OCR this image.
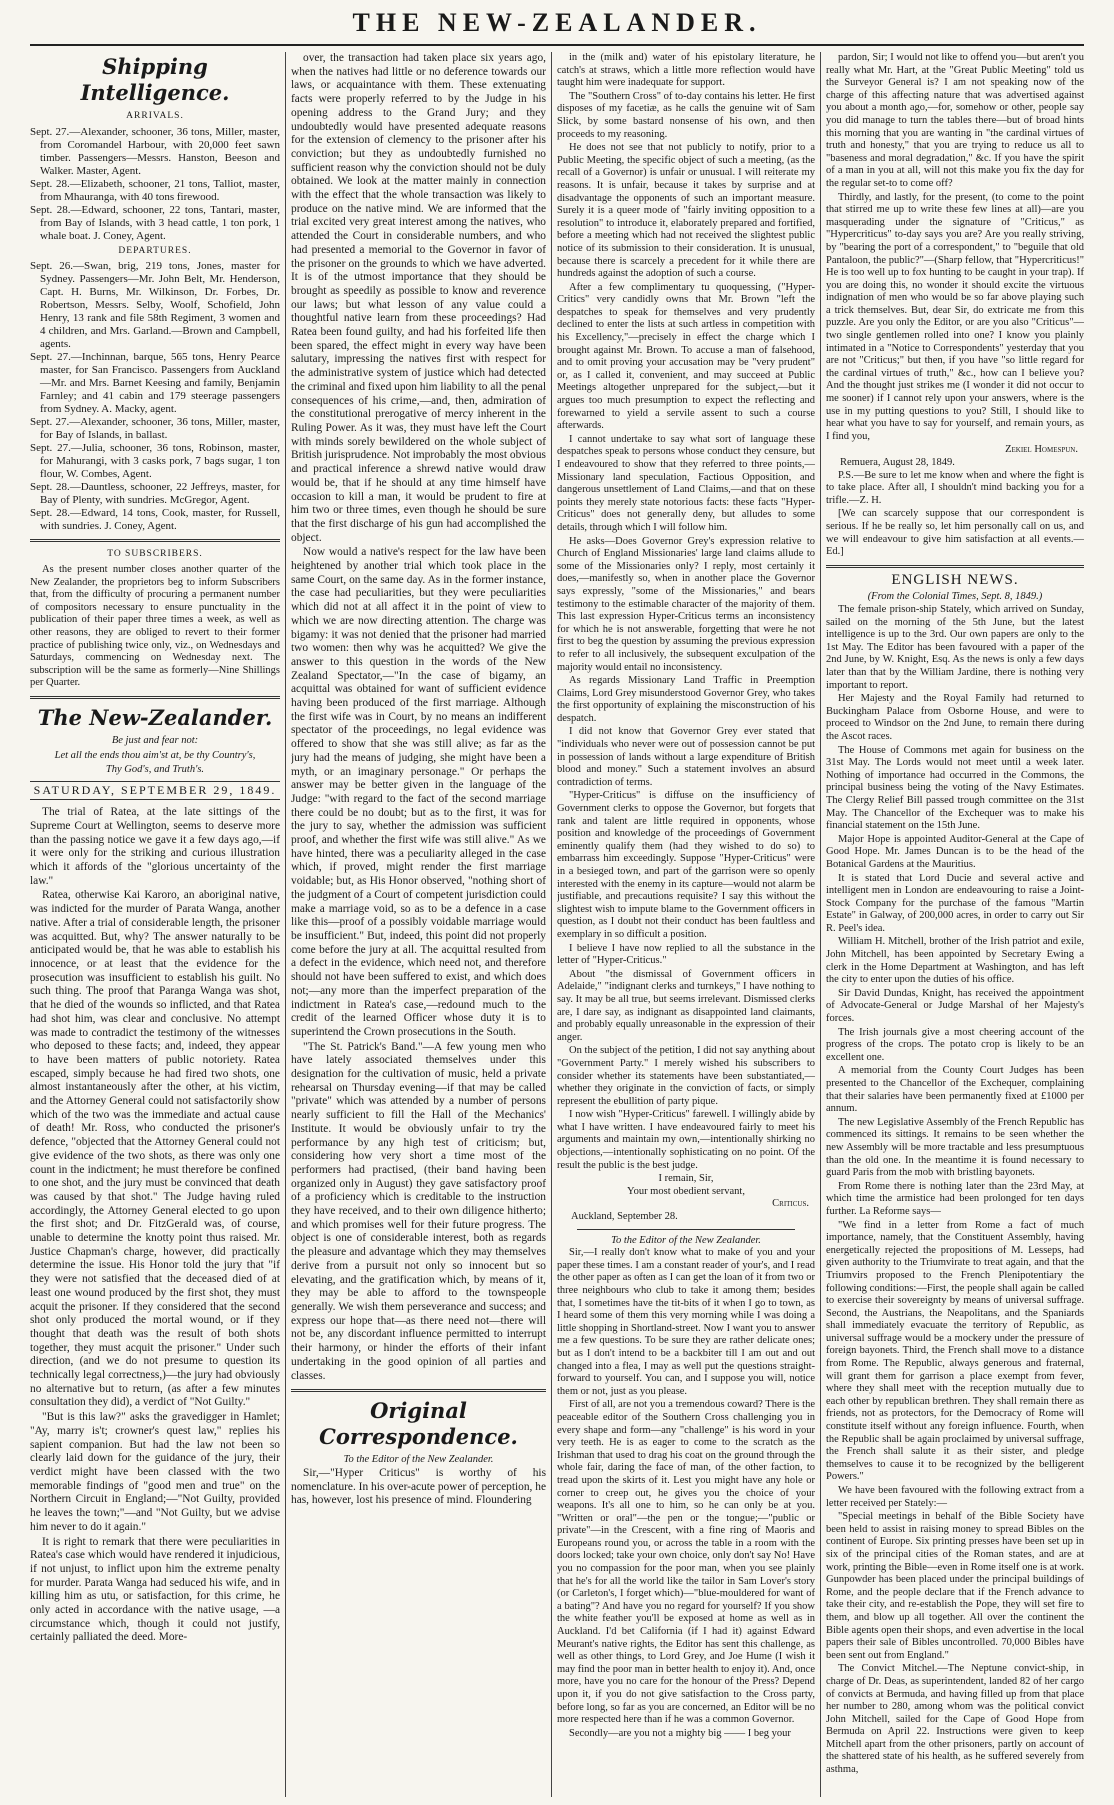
THE NEW-ZEALANDER.
Shipping Intelligence.
ARRIVALS.

Sept. 27.—Alexander, schooner, 36 tons, Miller, master, from Coromandel Harbour, with 20,000 feet sawn timber. Passengers—Messrs. Hanston, Beeson and Walker. Master, Agent.

Sept. 28.—Elizabeth, schooner, 21 tons, Talliot, master, from Mhauranga, with 40 tons firewood.

Sept. 28.—Edward, schooner, 22 tons, Tantari, master, from Bay of Islands, with 3 head cattle, 1 ton pork, 1 whale boat. J. Coney, Agent.

DEPARTURES.

Sept. 26.—Swan, brig, 219 tons, Jones, master for Sydney. Passengers—Mr. John Belt, Mr. Henderson, Capt. H. Burns, Mr. Wilkinson, Dr. Forbes, Dr. Robertson, Messrs. Selby, Woolf, Schofield, John Henry, 13 rank and file 58th Regiment, 3 women and 4 children, and Mrs. Garland.—Brown and Campbell, agents.

Sept. 27.—Inchinnan, barque, 565 tons, Henry Pearce master, for San Francisco. Passengers from Auckland—Mr. and Mrs. Barnet Keesing and family, Benjamin Farnley; and 41 cabin and 179 steerage passengers from Sydney. A. Macky, agent.

Sept. 27.—Alexander, schooner, 36 tons, Miller, master, for Bay of Islands, in ballast.

Sept. 27.—Julia, schooner, 36 tons, Robinson, master, for Mahurangi, with 3 casks pork, 7 bags sugar, 1 ton flour, W. Combes, Agent.

Sept. 28.—Dauntless, schooner, 22 Jeffreys, master, for Bay of Plenty, with sundries. McGregor, Agent.

Sept. 28.—Edward, 14 tons, Cook, master, for Russell, with sundries. J. Coney, Agent.

TO SUBSCRIBERS.

As the present number closes another quarter of the New Zealander, the proprietors beg to inform Subscribers that, from the difficulty of procuring a permanent number of compositors necessary to ensure punctuality in the publication of their paper three times a week, as well as other reasons, they are obliged to revert to their former practice of publishing twice only, viz., on Wednesdays and Saturdays, commencing on Wednesday next. The subscription will be the same as formerly—Nine Shillings per Quarter.

The New-Zealander.
Be just and fear not:
Let all the ends thou aim'st at, be thy Country's,
Thy God's, and Truth's.
SATURDAY, SEPTEMBER 29, 1849.

The trial of Ratea, at the late sittings of the Supreme Court at Wellington, seems to deserve more than the passing notice we gave it a few days ago,—if it were only for the striking and curious illustration which it affords of the "glorious uncertainty of the law."

Ratea, otherwise Kai Karoro, an aboriginal native, was indicted for the murder of Parata Wanga, another native. After a trial of considerable length, the prisoner was acquitted. But, why? The answer naturally to be anticipated would be, that he was able to establish his innocence, or at least that the evidence for the prosecution was insufficient to establish his guilt. No such thing. The proof that Paranga Wanga was shot, that he died of the wounds so inflicted, and that Ratea had shot him, was clear and conclusive. No attempt was made to contradict the testimony of the witnesses who deposed to these facts; and, indeed, they appear to have been matters of public notoriety. Ratea escaped, simply because he had fired two shots, one almost instantaneously after the other, at his victim, and the Attorney General could not satisfactorily show which of the two was the immediate and actual cause of death! Mr. Ross, who conducted the prisoner's defence, "objected that the Attorney General could not give evidence of the two shots, as there was only one count in the indictment; he must therefore be confined to one shot, and the jury must be convinced that death was caused by that shot." The Judge having ruled accordingly, the Attorney General elected to go upon the first shot; and Dr. FitzGerald was, of course, unable to determine the knotty point thus raised. Mr. Justice Chapman's charge, however, did practically determine the issue. His Honor told the jury that "if they were not satisfied that the deceased died of at least one wound produced by the first shot, they must acquit the prisoner. If they considered that the second shot only produced the mortal wound, or if they thought that death was the result of both shots together, they must acquit the prisoner." Under such direction, (and we do not presume to question its technically legal correctness,)—the jury had obviously no alternative but to return, (as after a few minutes consultation they did), a verdict of "Not Guilty."

"But is this law?" asks the gravedigger in Hamlet; "Ay, marry is't; crowner's quest law," replies his sapient companion. But had the law not been so clearly laid down for the guidance of the jury, their verdict might have been classed with the two memorable findings of "good men and true" on the Northern Circuit in England;—"Not Guilty, provided he leaves the town;"—and "Not Guilty, but we advise him never to do it again."

It is right to remark that there were peculiarities in Ratea's case which would have rendered it injudicious, if not unjust, to inflict upon him the extreme penalty for murder. Parata Wanga had seduced his wife, and in killing him as utu, or satisfaction, for this crime, he only acted in accordance with the native usage, —a circumstance which, though it could not justify, certainly palliated the deed. More-

over, the transaction had taken place six years ago, when the natives had little or no deference towards our laws, or acquaintance with them. These extenuating facts were properly referred to by the Judge in his opening address to the Grand Jury; and they undoubtedly would have presented adequate reasons for the extension of clemency to the prisoner after his conviction; but they as undoubtedly furnished no sufficient reason why the conviction should not be duly obtained. We look at the matter mainly in connection with the effect that the whole transaction was likely to produce on the native mind. We are informed that the trial excited very great interest among the natives, who attended the Court in considerable numbers, and who had presented a memorial to the Governor in favor of the prisoner on the grounds to which we have adverted. It is of the utmost importance that they should be brought as speedily as possible to know and reverence our laws; but what lesson of any value could a thoughtful native learn from these proceedings? Had Ratea been found guilty, and had his forfeited life then been spared, the effect might in every way have been salutary, impressing the natives first with respect for the administrative system of justice which had detected the criminal and fixed upon him liability to all the penal consequences of his crime,—and, then, admiration of the constitutional prerogative of mercy inherent in the Ruling Power. As it was, they must have left the Court with minds sorely bewildered on the whole subject of British jurisprudence. Not improbably the most obvious and practical inference a shrewd native would draw would be, that if he should at any time himself have occasion to kill a man, it would be prudent to fire at him two or three times, even though he should be sure that the first discharge of his gun had accomplished the object.

Now would a native's respect for the law have been heightened by another trial which took place in the same Court, on the same day. As in the former instance, the case had peculiarities, but they were peculiarities which did not at all affect it in the point of view to which we are now directing attention. The charge was bigamy: it was not denied that the prisoner had married two women: then why was he acquitted? We give the answer to this question in the words of the New Zealand Spectator,—"In the case of bigamy, an acquittal was obtained for want of sufficient evidence having been produced of the first marriage. Although the first wife was in Court, by no means an indifferent spectator of the proceedings, no legal evidence was offered to show that she was still alive; as far as the jury had the means of judging, she might have been a myth, or an imaginary personage." Or perhaps the answer may be better given in the language of the Judge: "with regard to the fact of the second marriage there could be no doubt; but as to the first, it was for the jury to say, whether the admission was sufficient proof, and whether the first wife was still alive." As we have hinted, there was a peculiarity alleged in the case which, if proved, might render the first marriage voidable; but, as His Honor observed, "nothing short of the judgment of a Court of competent jurisdiction could make a marriage void, so as to be a defence in a case like this—proof of a possibly voidable marriage would be insufficient." But, indeed, this point did not properly come before the jury at all. The acquittal resulted from a defect in the evidence, which need not, and therefore should not have been suffered to exist, and which does not;—any more than the imperfect preparation of the indictment in Ratea's case,—redound much to the credit of the learned Officer whose duty it is to superintend the Crown prosecutions in the South.

"The St. Patrick's Band."—A few young men who have lately associated themselves under this designation for the cultivation of music, held a private rehearsal on Thursday evening—if that may be called "private" which was attended by a number of persons nearly sufficient to fill the Hall of the Mechanics' Institute. It would be obviously unfair to try the performance by any high test of criticism; but, considering how very short a time most of the performers had practised, (their band having been organized only in August) they gave satisfactory proof of a proficiency which is creditable to the instruction they have received, and to their own diligence hitherto; and which promises well for their future progress. The object is one of considerable interest, both as regards the pleasure and advantage which they may themselves derive from a pursuit not only so innocent but so elevating, and the gratification which, by means of it, they may be able to afford to the townspeople generally. We wish them perseverance and success; and express our hope that—as there need not—there will not be, any discordant influence permitted to interrupt their harmony, or hinder the efforts of their infant undertaking in the good opinion of all parties and classes.

Original Correspondence.
To the Editor of the New Zealander.

Sir,—"Hyper Criticus" is worthy of his nomenclature. In his over-acute power of perception, he has, however, lost his presence of mind. Floundering

in the (milk and) water of his epistolary literature, he catch's at straws, which a little more reflection would have taught him were inadequate for support.

The "Southern Cross" of to-day contains his letter. He first disposes of my facetiæ, as he calls the genuine wit of Sam Slick, by some bastard nonsense of his own, and then proceeds to my reasoning.

He does not see that not publicly to notify, prior to a Public Meeting, the specific object of such a meeting, (as the recall of a Governor) is unfair or unusual. I will reiterate my reasons. It is unfair, because it takes by surprise and at disadvantage the opponents of such an important measure. Surely it is a queer mode of "fairly inviting opposition to a resolution" to introduce it, elaborately prepared and fortified, before a meeting which had not received the slightest public notice of its submission to their consideration. It is unusual, because there is scarcely a precedent for it while there are hundreds against the adoption of such a course.

After a few complimentary tu quoquessing, ("Hyper-Critics" very candidly owns that Mr. Brown "left the despatches to speak for themselves and very prudently declined to enter the lists at such artless in competition with his Excellency,"—precisely in effect the charge which I brought against Mr. Brown. To accuse a man of falsehood, and to omit proving your accusation may be "very prudent" or, as I called it, convenient, and may succeed at Public Meetings altogether unprepared for the subject,—but it argues too much presumption to expect the reflecting and forewarned to yield a servile assent to such a course afterwards.

I cannot undertake to say what sort of language these despatches speak to persons whose conduct they censure, but I endeavoured to show that they referred to three points,—Missionary land speculation, Factious Opposition, and dangerous unsettlement of Land Claims,—and that on these points they merely state notorious facts: these facts "Hyper-Criticus" does not generally deny, but alludes to some details, through which I will follow him.

He asks—Does Governor Grey's expression relative to Church of England Missionaries' large land claims allude to some of the Missionaries only? I reply, most certainly it does,—manifestly so, when in another place the Governor says expressly, "some of the Missionaries," and bears testimony to the estimable character of the majority of them. This last expression Hyper-Criticus terms an inconsistency for which he is not answerable, forgetting that were he not first to beg the question by assuming the previous expression to refer to all inclusively, the subsequent exculpation of the majority would entail no inconsistency.

As regards Missionary Land Traffic in Preemption Claims, Lord Grey misunderstood Governor Grey, who takes the first opportunity of explaining the misconstruction of his despatch.

I did not know that Governor Grey ever stated that "individuals who never were out of possession cannot be put in possession of lands without a large expenditure of British blood and money." Such a statement involves an absurd contradiction of terms.

"Hyper-Criticus" is diffuse on the insufficiency of Government clerks to oppose the Governor, but forgets that rank and talent are little required in opponents, whose position and knowledge of the proceedings of Government eminently qualify them (had they wished to do so) to embarrass him exceedingly. Suppose "Hyper-Criticus" were in a besieged town, and part of the garrison were so openly interested with the enemy in its capture—would not alarm be justifiable, and precautions requisite? I say this without the slightest wish to impute blame to the Government officers in question, as I doubt not their conduct has been faultless and exemplary in so difficult a position.

I believe I have now replied to all the substance in the letter of "Hyper-Criticus."

About "the dismissal of Government officers in Adelaide," "indignant clerks and turnkeys," I have nothing to say. It may be all true, but seems irrelevant. Dismissed clerks are, I dare say, as indignant as disappointed land claimants, and probably equally unreasonable in the expression of their anger.

On the subject of the petition, I did not say anything about "Government Party." I merely wished his subscribers to consider whether its statements have been substantiated,—whether they originate in the conviction of facts, or simply represent the ebullition of party pique.

I now wish "Hyper-Criticus" farewell. I willingly abide by what I have written. I have endeavoured fairly to meet his arguments and maintain my own,—intentionally shirking no objections,—intentionally sophisticating on no point. Of the result the public is the best judge.

I remain, Sir,
Your most obedient servant,
Criticus.
Auckland, September 28.
To the Editor of the New Zealander.

Sir,—I really don't know what to make of you and your paper these times. I am a constant reader of your's, and I read the other paper as often as I can get the loan of it from two or three neighbours who club to take it among them; besides that, I sometimes have the tit-bits of it when I go to town, as I heard some of them this very morning while I was doing a little shopping in Shortland-street. Now I want you to answer me a few questions. To be sure they are rather delicate ones; but as I don't intend to be a backbiter till I am out and out changed into a flea, I may as well put the questions straight-forward to yourself. You can, and I suppose you will, notice them or not, just as you please.

First of all, are not you a tremendous coward? There is the peaceable editor of the Southern Cross challenging you in every shape and form—any "challenge" is his word in your very teeth. He is as eager to come to the scratch as the Irishman that used to drag his coat on the ground through the whole fair, daring the face of man, of the other faction, to tread upon the skirts of it. Lest you might have any hole or corner to creep out, he gives you the choice of your weapons. It's all one to him, so he can only be at you. "Written or oral"—the pen or the tongue;—"public or private"—in the Crescent, with a fine ring of Maoris and Europeans round you, or across the table in a room with the doors locked; take your own choice, only don't say No! Have you no compassion for the poor man, when you see plainly that he's for all the world like the tailor in Sam Lover's story (or Carleton's, I forget which)—"blue-mouldered for want of a bating"? And have you no regard for yourself? If you show the white feather you'll be exposed at home as well as in Auckland. I'd bet California (if I had it) against Edward Meurant's native rights, the Editor has sent this challenge, as well as other things, to Lord Grey, and Joe Hume (I wish it may find the poor man in better health to enjoy it). And, once more, have you no care for the honour of the Press? Depend upon it, if you do not give satisfaction to the Cross party, before long, so far as you are concerned, an Editor will be no more respected here than if he was a common Governor.

Secondly—are you not a mighty big —— I beg your

pardon, Sir; I would not like to offend you—but aren't you really what Mr. Hart, at the "Great Public Meeting" told us the Surveyor General is? I am not speaking now of the charge of this affecting nature that was advertised against you about a month ago,—for, somehow or other, people say you did manage to turn the tables there—but of broad hints this morning that you are wanting in "the cardinal virtues of truth and honesty," that you are trying to reduce us all to "baseness and moral degradation," &c. If you have the spirit of a man in you at all, will not this make you fix the day for the regular set-to to come off?

Thirdly, and lastly, for the present, (to come to the point that stirred me up to write these few lines at all)—are you masquerading under the signature of "Criticus," as "Hypercriticus" to-day says you are? Are you really striving, by "bearing the port of a correspondent," to "beguile that old Pantaloon, the public?"—(Sharp fellow, that "Hypercriticus!" He is too well up to fox hunting to be caught in your trap). If you are doing this, no wonder it should excite the virtuous indignation of men who would be so far above playing such a trick themselves. But, dear Sir, do extricate me from this puzzle. Are you only the Editor, or are you also "Criticus"—two single gentlemen rolled into one? I know you plainly intimated in a "Notice to Correspondents" yesterday that you are not "Criticus;" but then, if you have "so little regard for the cardinal virtues of truth," &c., how can I believe you? And the thought just strikes me (I wonder it did not occur to me sooner) if I cannot rely upon your answers, where is the use in my putting questions to you? Still, I should like to hear what you have to say for yourself, and remain yours, as I find you,

Zekiel Homespun.
Remuera, August 28, 1849.

P.S.—Be sure to let me know when and where the fight is to take place. After all, I shouldn't mind backing you for a trifle.—Z. H.

[We can scarcely suppose that our correspondent is serious. If he be really so, let him personally call on us, and we will endeavour to give him satisfaction at all events.—Ed.]

ENGLISH NEWS.
(From the Colonial Times, Sept. 8, 1849.)

The female prison-ship Stately, which arrived on Sunday, sailed on the morning of the 5th June, but the latest intelligence is up to the 3rd. Our own papers are only to the 1st May. The Editor has been favoured with a paper of the 2nd June, by W. Knight, Esq. As the news is only a few days later than that by the William Jardine, there is nothing very important to report.

Her Majesty and the Royal Family had returned to Buckingham Palace from Osborne House, and were to proceed to Windsor on the 2nd June, to remain there during the Ascot races.

The House of Commons met again for business on the 31st May. The Lords would not meet until a week later. Nothing of importance had occurred in the Commons, the principal business being the voting of the Navy Estimates. The Clergy Relief Bill passed trough committee on the 31st May. The Chancellor of the Exchequer was to make his financial statement on the 15th June.

Major Hope is appointed Auditor-General at the Cape of Good Hope. Mr. James Duncan is to be the head of the Botanical Gardens at the Mauritius.

It is stated that Lord Ducie and several active and intelligent men in London are endeavouring to raise a Joint-Stock Company for the purchase of the famous "Martin Estate" in Galway, of 200,000 acres, in order to carry out Sir R. Peel's idea.

William H. Mitchell, brother of the Irish patriot and exile, John Mitchell, has been appointed by Secretary Ewing a clerk in the Home Department at Washington, and has left the city to enter upon the duties of his office.

Sir David Dundas, Knight, has received the appointment of Advocate-General or Judge Marshal of her Majesty's forces.

The Irish journals give a most cheering account of the progress of the crops. The potato crop is likely to be an excellent one.

A memorial from the County Court Judges has been presented to the Chancellor of the Exchequer, complaining that their salaries have been permanently fixed at £1000 per annum.

The new Legislative Assembly of the French Republic has commenced its sittings. It remains to be seen whether the new Assembly will be more tractable and less presumptuous than the old one. In the meantime it is found necessary to guard Paris from the mob with bristling bayonets.

From Rome there is nothing later than the 23rd May, at which time the armistice had been prolonged for ten days further. La Reforme says—

"We find in a letter from Rome a fact of much importance, namely, that the Constituent Assembly, having energetically rejected the propositions of M. Lesseps, had given authority to the Triumvirate to treat again, and that the Triumvirs proposed to the French Plenipotentiary the following conditions:—First, the people shall again be called to exercise their sovereignty by means of universal suffrage. Second, the Austrians, the Neapolitans, and the Spaniards shall immediately evacuate the territory of Republic, as universal suffrage would be a mockery under the pressure of foreign bayonets. Third, the French shall move to a distance from Rome. The Republic, always generous and fraternal, will grant them for garrison a place exempt from fever, where they shall meet with the reception mutually due to each other by republican brethren. They shall remain there as friends, not as protectors, for the Democracy of Rome will constitute itself without any foreign influence. Fourth, when the Republic shall be again proclaimed by universal suffrage, the French shall salute it as their sister, and pledge themselves to cause it to be recognized by the belligerent Powers."

We have been favoured with the following extract from a letter received per Stately:—

"Special meetings in behalf of the Bible Society have been held to assist in raising money to spread Bibles on the continent of Europe. Six printing presses have been set up in six of the principal cities of the Roman states, and are at work, printing the Bible—even in Rome itself one is at work. Gunpowder has been placed under the principal buildings of Rome, and the people declare that if the French advance to take their city, and re-establish the Pope, they will set fire to them, and blow up all together. All over the continent the Bible agents open their shops, and even advertise in the local papers their sale of Bibles uncontrolled. 70,000 Bibles have been sent out from England."

The Convict Mitchel.—The Neptune convict-ship, in charge of Dr. Deas, as superintendent, landed 82 of her cargo of convicts at Bermuda, and having filled up from that place her number to 280, among whom was the political convict John Mitchell, sailed for the Cape of Good Hope from Bermuda on April 22. Instructions were given to keep Mitchell apart from the other prisoners, partly on account of the shattered state of his health, as he suffered severely from asthma,
